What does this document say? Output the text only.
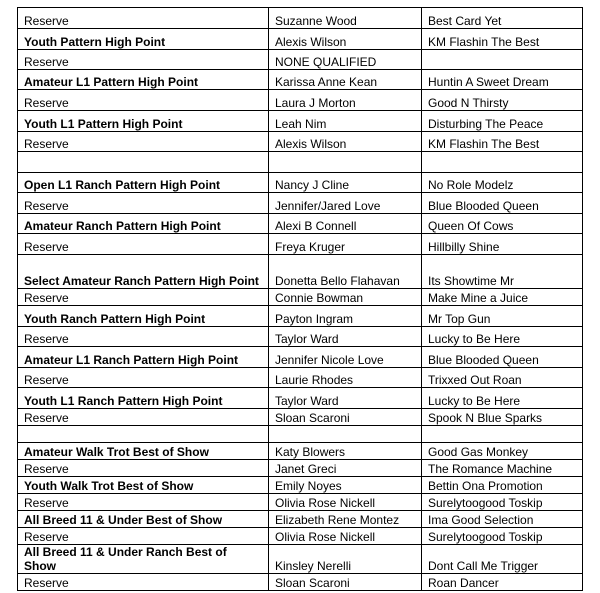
Reserve	Suzanne Wood	Best Card Yet
Youth Pattern High Point	Alexis Wilson	KM Flashin The Best
Reserve	NONE QUALIFIED	
Amateur L1 Pattern High Point	Karissa Anne Kean	Huntin A Sweet Dream
Reserve	Laura J Morton	Good N Thirsty
Youth L1 Pattern High Point	Leah Nim	Disturbing The Peace
Reserve	Alexis Wilson	KM Flashin The Best

Open L1 Ranch Pattern High Point	Nancy J Cline	No Role Modelz
Reserve	Jennifer/Jared Love	Blue Blooded Queen
Amateur Ranch Pattern High Point	Alexi B Connell	Queen Of Cows
Reserve	Freya Kruger	Hillbilly Shine
Select Amateur Ranch Pattern High Point	Donetta Bello Flahavan	Its Showtime Mr
Reserve	Connie Bowman	Make Mine a Juice
Youth Ranch Pattern High Point	Payton Ingram	Mr Top Gun
Reserve	Taylor Ward	Lucky to Be Here
Amateur L1 Ranch Pattern High Point	Jennifer Nicole Love	Blue Blooded Queen
Reserve	Laurie Rhodes	Trixxed Out Roan
Youth L1 Ranch Pattern High Point	Taylor Ward	Lucky to Be Here
Reserve	Sloan Scaroni	Spook N Blue Sparks

Amateur Walk Trot Best of Show	Katy Blowers	Good Gas Monkey
Reserve	Janet Greci	The Romance Machine
Youth Walk Trot Best of Show	Emily Noyes	Bettin Ona Promotion
Reserve	Olivia Rose Nickell	Surelytoogood Toskip
All Breed 11 & Under Best of Show	Elizabeth Rene Montez	Ima Good Selection
Reserve	Olivia Rose Nickell	Surelytoogood Toskip
All Breed 11 & Under Ranch Best of Show	Kinsley Nerelli	Dont Call Me Trigger
Reserve	Sloan Scaroni	Roan Dancer
